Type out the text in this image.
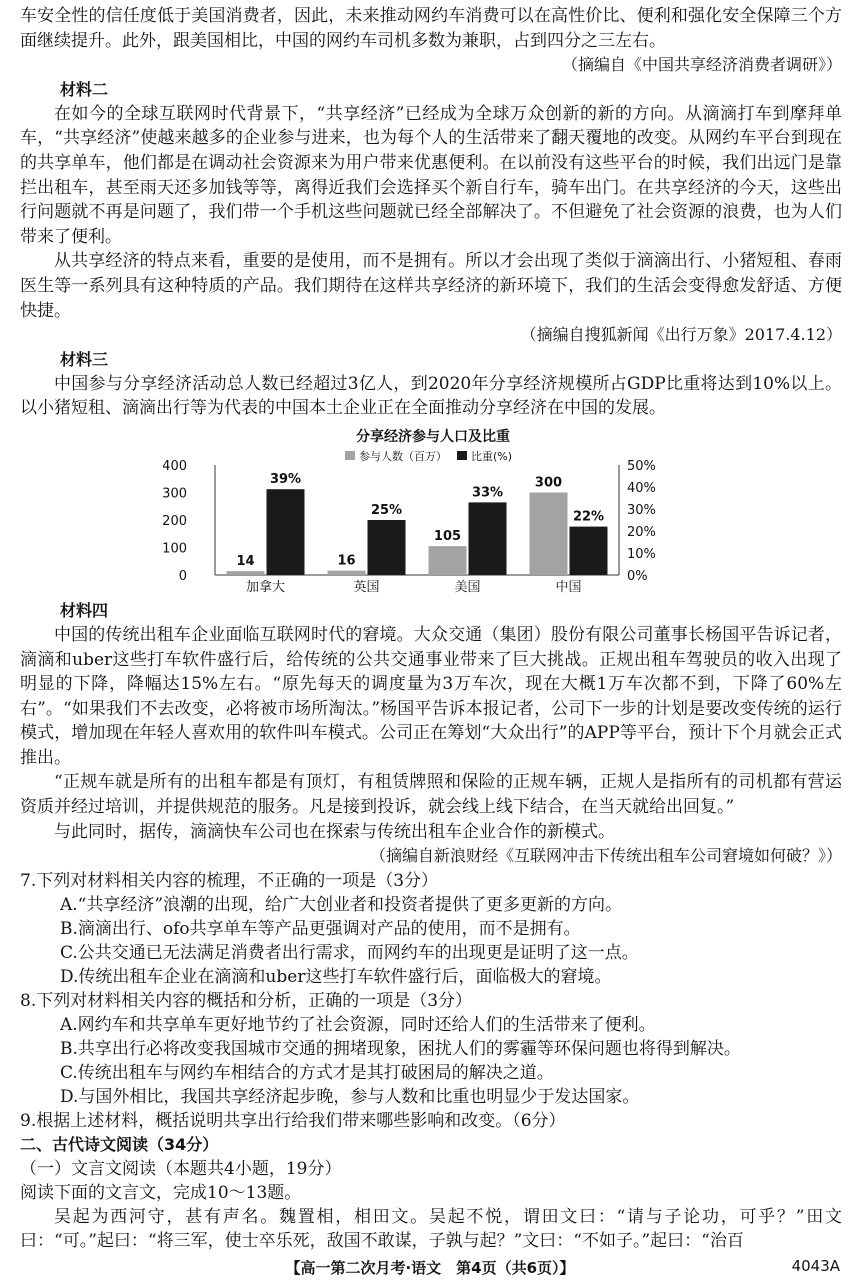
车安全性的信任度低于美国消费者，因此，未来推动网约车消费可以在高性价比、便利和强化安全保障三个方面继续提升。此外，跟美国相比，中国的网约车司机多数为兼职，占到四分之三左右。

（摘编自《中国共享经济消费者调研》）

材料二

在如今的全球互联网时代背景下，“共享经济”已经成为全球万众创新的新的方向。从滴滴打车到摩拜单车，“共享经济”使越来越多的企业参与进来，也为每个人的生活带来了翻天覆地的改变。从网约车平台到现在的共享单车，他们都是在调动社会资源来为用户带来优惠便利。在以前没有这些平台的时候，我们出远门是靠拦出租车，甚至雨天还多加钱等等，离得近我们会选择买个新自行车，骑车出门。在共享经济的今天，这些出行问题就不再是问题了，我们带一个手机这些问题就已经全部解决了。不但避免了社会资源的浪费，也为人们带来了便利。

从共享经济的特点来看，重要的是使用，而不是拥有。所以才会出现了类似于滴滴出行、小猪短租、春雨医生等一系列具有这种特质的产品。我们期待在这样共享经济的新环境下，我们的生活会变得愈发舒适、方便快捷。

（摘编自搜狐新闻《出行万象》2017.4.12）

材料三

中国参与分享经济活动总人数已经超过3亿人，到2020年分享经济规模所占GDP比重将达到10%以上。以小猪短租、滴滴出行等为代表的中国本土企业正在全面推动分享经济在中国的发展。

分享经济参与人口及比重
参与人数（百万） 比重(%)
0
100
200
300
400
0%
10%
20%
30%
40%
50%
14
39%
加拿大
16
25%
英国
105
33%
美国
300
22%
中国
材料四

中国的传统出租车企业面临互联网时代的窘境。大众交通（集团）股份有限公司董事长杨国平告诉记者，滴滴和uber这些打车软件盛行后，给传统的公共交通事业带来了巨大挑战。正规出租车驾驶员的收入出现了明显的下降，降幅达15%左右。“原先每天的调度量为3万车次，现在大概1万车次都不到，下降了60%左右”。“如果我们不去改变，必将被市场所淘汰。”杨国平告诉本报记者，公司下一步的计划是要改变传统的运行模式，增加现在年轻人喜欢用的软件叫车模式。公司正在筹划“大众出行”的APP等平台，预计下个月就会正式推出。

“正规车就是所有的出租车都是有顶灯，有租赁牌照和保险的正规车辆，正规人是指所有的司机都有营运资质并经过培训，并提供规范的服务。凡是接到投诉，就会线上线下结合，在当天就给出回复。”

与此同时，据传，滴滴快车公司也在探索与传统出租车企业合作的新模式。

（摘编自新浪财经《互联网冲击下传统出租车公司窘境如何破？》）

7.下列对材料相关内容的梳理，不正确的一项是（3分）
A.“共享经济”浪潮的出现，给广大创业者和投资者提供了更多更新的方向。
B.滴滴出行、ofo共享单车等产品更强调对产品的使用，而不是拥有。
C.公共交通已无法满足消费者出行需求，而网约车的出现更是证明了这一点。
D.传统出租车企业在滴滴和uber这些打车软件盛行后，面临极大的窘境。
8.下列对材料相关内容的概括和分析，正确的一项是（3分）
A.网约车和共享单车更好地节约了社会资源，同时还给人们的生活带来了便利。
B.共享出行必将改变我国城市交通的拥堵现象，困扰人们的雾霾等环保问题也将得到解决。
C.传统出租车与网约车相结合的方式才是其打破困局的解决之道。
D.与国外相比，我国共享经济起步晚，参与人数和比重也明显少于发达国家。
9.根据上述材料，概括说明共享出行给我们带来哪些影响和改变。（6分）
二、古代诗文阅读（34分）
（一）文言文阅读（本题共4小题，19分）
阅读下面的文言文，完成10～13题。

吴起为西河守，甚有声名。魏置相，相田文。吴起不悦，谓田文曰：“请与子论功，可乎？”田文曰：“可。”起曰：“将三军，使士卒乐死，敌国不敢谋，子孰与起？”文曰：“不如子。”起曰：“治百

【高一第二次月考·语文　第4页（共6页）】	4043A
